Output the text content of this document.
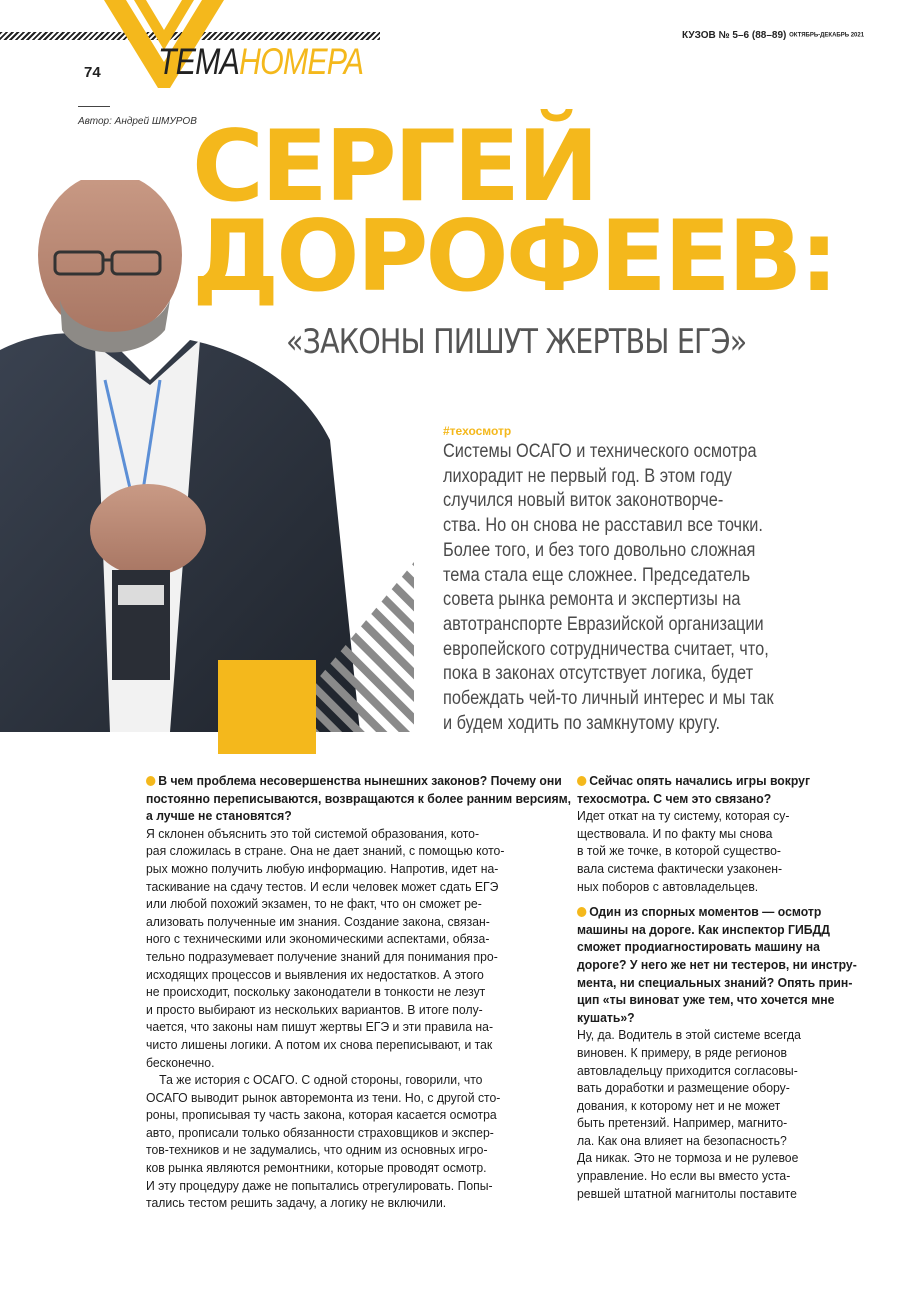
ТЕМАНОМЕРА
74
КУЗОВ № 5–6 (88–89) ОКТЯБРЬ-ДЕКАБРЬ 2021
Автор: Андрей ШМУРОВ
СЕРГЕЙ
ДОРОФЕЕВ:
«ЗАКОНЫ ПИШУТ ЖЕРТВЫ ЕГЭ»
#техосмотр
Системы ОСАГО и технического осмотра
лихорадит не первый год. В этом году
случился новый виток законотворче-
ства. Но он снова не расставил все точки.
Более того, и без того довольно сложная
тема стала еще сложнее. Председатель
совета рынка ремонта и экспертизы на
автотранспорте Евразийской организации
европейского сотрудничества считает, что,
пока в законах отсутствует логика, будет
побеждать чей-то личный интерес и мы так
и будем ходить по замкнутому кругу.
В чем проблема несовершенства нынешних законов? Почему они
постоянно переписываются, возвращаются к более ранним версиям,
а лучше не становятся?
Я склонен объяснить это той системой образования, кото-
рая сложилась в стране. Она не дает знаний, с помощью кото-
рых можно получить любую информацию. Напротив, идет на-
таскивание на сдачу тестов. И если человек может сдать ЕГЭ
или любой похожий экзамен, то не факт, что он сможет ре-
ализовать полученные им знания. Создание закона, связан-
ного с техническими или экономическими аспектами, обяза-
тельно подразумевает получение знаний для понимания про-
исходящих процессов и выявления их недостатков. А этого
не происходит, поскольку законодатели в тонкости не лезут
и просто выбирают из нескольких вариантов. В итоге полу-
чается, что законы нам пишут жертвы ЕГЭ и эти правила на-
чисто лишены логики. А потом их снова переписывают, и так
бесконечно.
Та же история с ОСАГО. С одной стороны, говорили, что
ОСАГО выводит рынок авторемонта из тени. Но, с другой сто-
роны, прописывая ту часть закона, которая касается осмотра
авто, прописали только обязанности страховщиков и экспер-
тов-техников и не задумались, что одним из основных игро-
ков рынка являются ремонтники, которые проводят осмотр.
И эту процедуру даже не попытались отрегулировать. Попы-
тались тестом решить задачу, а логику не включили.
Сейчас опять начались игры вокруг
техосмотра. С чем это связано?
Идет откат на ту систему, которая су-
ществовала. И по факту мы снова
в той же точке, в которой существо-
вала система фактически узаконен-
ных поборов с автовладельцев.
Один из спорных моментов — осмотр
машины на дороге. Как инспектор ГИБДД
сможет продиагностировать машину на
дороге? У него же нет ни тестеров, ни инстру-
мента, ни специальных знаний? Опять прин-
цип «ты виноват уже тем, что хочется мне
кушать»?
Ну, да. Водитель в этой системе всегда
виновен. К примеру, в ряде регионов
автовладельцу приходится согласовы-
вать доработки и размещение обору-
дования, к которому нет и не может
быть претензий. Например, магнито-
ла. Как она влияет на безопасность?
Да никак. Это не тормоза и не рулевое
управление. Но если вы вместо уста-
ревшей штатной магнитолы поставите
